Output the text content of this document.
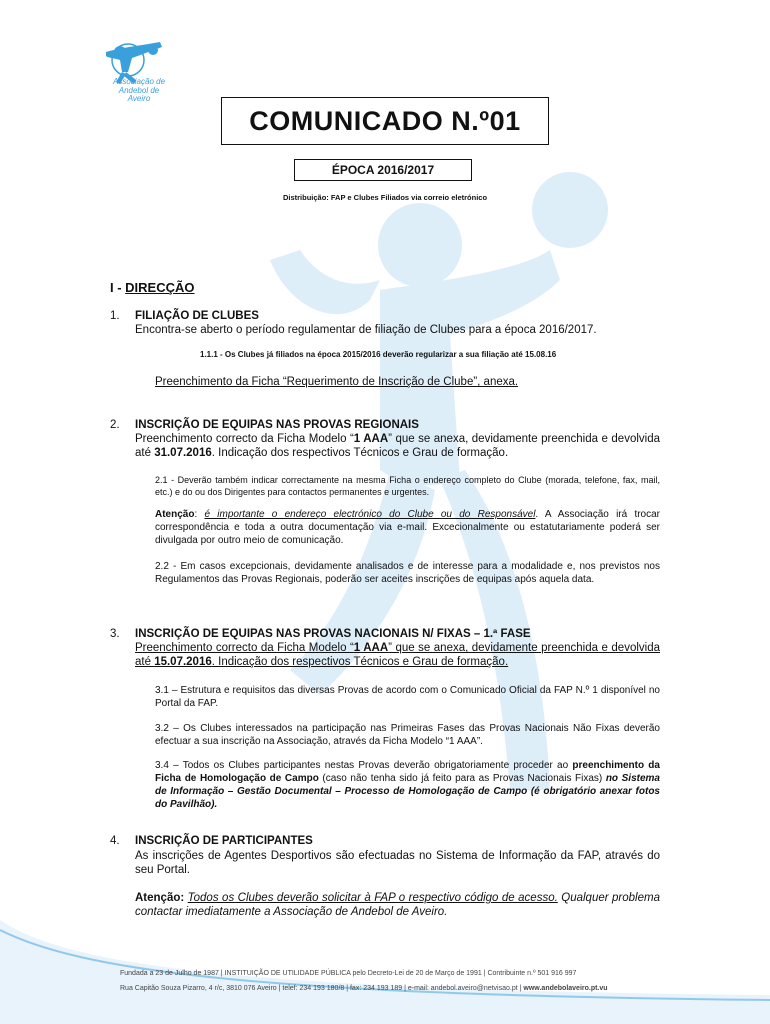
Associação de
Andebol de
Aveiro
COMUNICADO N.º01
ÉPOCA 2016/2017
Distribuição: FAP e Clubes Filiados via correio eletrónico
I - DIRECÇÃO
1. FILIAÇÃO DE CLUBES
Encontra-se aberto o período regulamentar de filiação de Clubes para a época 2016/2017.
1.1.1 - Os Clubes já filiados na época 2015/2016 deverão regularizar a sua filiação até 15.08.16
Preenchimento da Ficha “Requerimento de Inscrição de Clube”, anexa.
2. INSCRIÇÃO DE EQUIPAS NAS PROVAS REGIONAIS
Preenchimento correcto da Ficha Modelo “1 AAA” que se anexa, devidamente preenchida e devolvida até 31.07.2016. Indicação dos respectivos Técnicos e Grau de formação.
2.1 - Deverão também indicar correctamente na mesma Ficha o endereço completo do Clube (morada, telefone, fax, mail, etc.) e do ou dos Dirigentes para contactos permanentes e urgentes.
Atenção: é importante o endereço electrónico do Clube ou do Responsável. A Associação irá trocar correspondência e toda a outra documentação via e-mail. Excecionalmente ou estatutariamente poderá ser divulgada por outro meio de comunicação.
2.2 - Em casos excepcionais, devidamente analisados e de interesse para a modalidade e, nos previstos nos Regulamentos das Provas Regionais, poderão ser aceites inscrições de equipas após aquela data.
3. INSCRIÇÃO DE EQUIPAS NAS PROVAS NACIONAIS N/ FIXAS – 1.ª FASE
Preenchimento correcto da Ficha Modelo “1 AAA” que se anexa, devidamente preenchida e devolvida até 15.07.2016. Indicação dos respectivos Técnicos e Grau de formação.
3.1 – Estrutura e requisitos das diversas Provas de acordo com o Comunicado Oficial da FAP N.º 1 disponível no Portal da FAP.
3.2 – Os Clubes interessados na participação nas Primeiras Fases das Provas Nacionais Não Fixas deverão efectuar a sua inscrição na Associação, através da Ficha Modelo “1 AAA”.
3.4 – Todos os Clubes participantes nestas Provas deverão obrigatoriamente proceder ao preenchimento da Ficha de Homologação de Campo (caso não tenha sido já feito para as Provas Nacionais Fixas) no Sistema de Informação – Gestão Documental – Processo de Homologação de Campo (é obrigatório anexar fotos do Pavilhão).
4. INSCRIÇÃO DE PARTICIPANTES
As inscrições de Agentes Desportivos são efectuadas no Sistema de Informação da FAP, através do seu Portal.
Atenção: Todos os Clubes deverão solicitar à FAP o respectivo código de acesso. Qualquer problema contactar imediatamente a Associação de Andebol de Aveiro.
Fundada a 23 de Julho de 1987 | INSTITUIÇÃO DE UTILIDADE PÚBLICA pelo Decreto-Lei de 20 de Março de 1991 | Contribuinte n.º 501 916 997
Rua Capitão Souza Pizarro, 4 r/c, 3810 076 Aveiro | telef: 234 193 180/8 | fax: 234 193 189 | e-mail: andebol.aveiro@netvisao.pt | www.andebolaveiro.pt.vu
